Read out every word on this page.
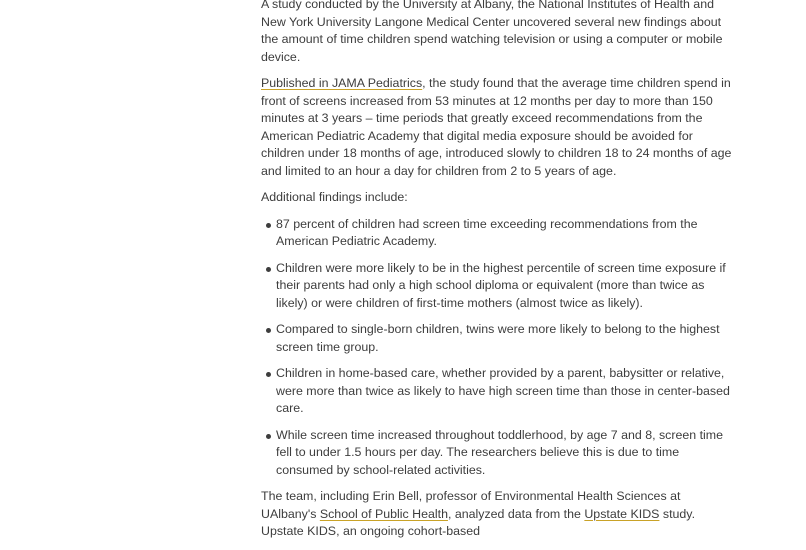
A study conducted by the University at Albany, the National Institutes of Health and New York University Langone Medical Center uncovered several new findings about the amount of time children spend watching television or using a computer or mobile device.

Published in JAMA Pediatrics, the study found that the average time children spend in front of screens increased from 53 minutes at 12 months per day to more than 150 minutes at 3 years – time periods that greatly exceed recommendations from the American Pediatric Academy that digital media exposure should be avoided for children under 18 months of age, introduced slowly to children 18 to 24 months of age and limited to an hour a day for children from 2 to 5 years of age.

Additional findings include:

87 percent of children had screen time exceeding recommendations from the American Pediatric Academy.
Children were more likely to be in the highest percentile of screen time exposure if their parents had only a high school diploma or equivalent (more than twice as likely) or were children of first-time mothers (almost twice as likely).
Compared to single-born children, twins were more likely to belong to the highest screen time group.
Children in home-based care, whether provided by a parent, babysitter or relative, were more than twice as likely to have high screen time than those in center-based care.
While screen time increased throughout toddlerhood, by age 7 and 8, screen time fell to under 1.5 hours per day. The researchers believe this is due to time consumed by school-related activities.

The team, including Erin Bell, professor of Environmental Health Sciences at UAlbany's School of Public Health, analyzed data from the Upstate KIDS study. Upstate KIDS, an ongoing cohort-based
